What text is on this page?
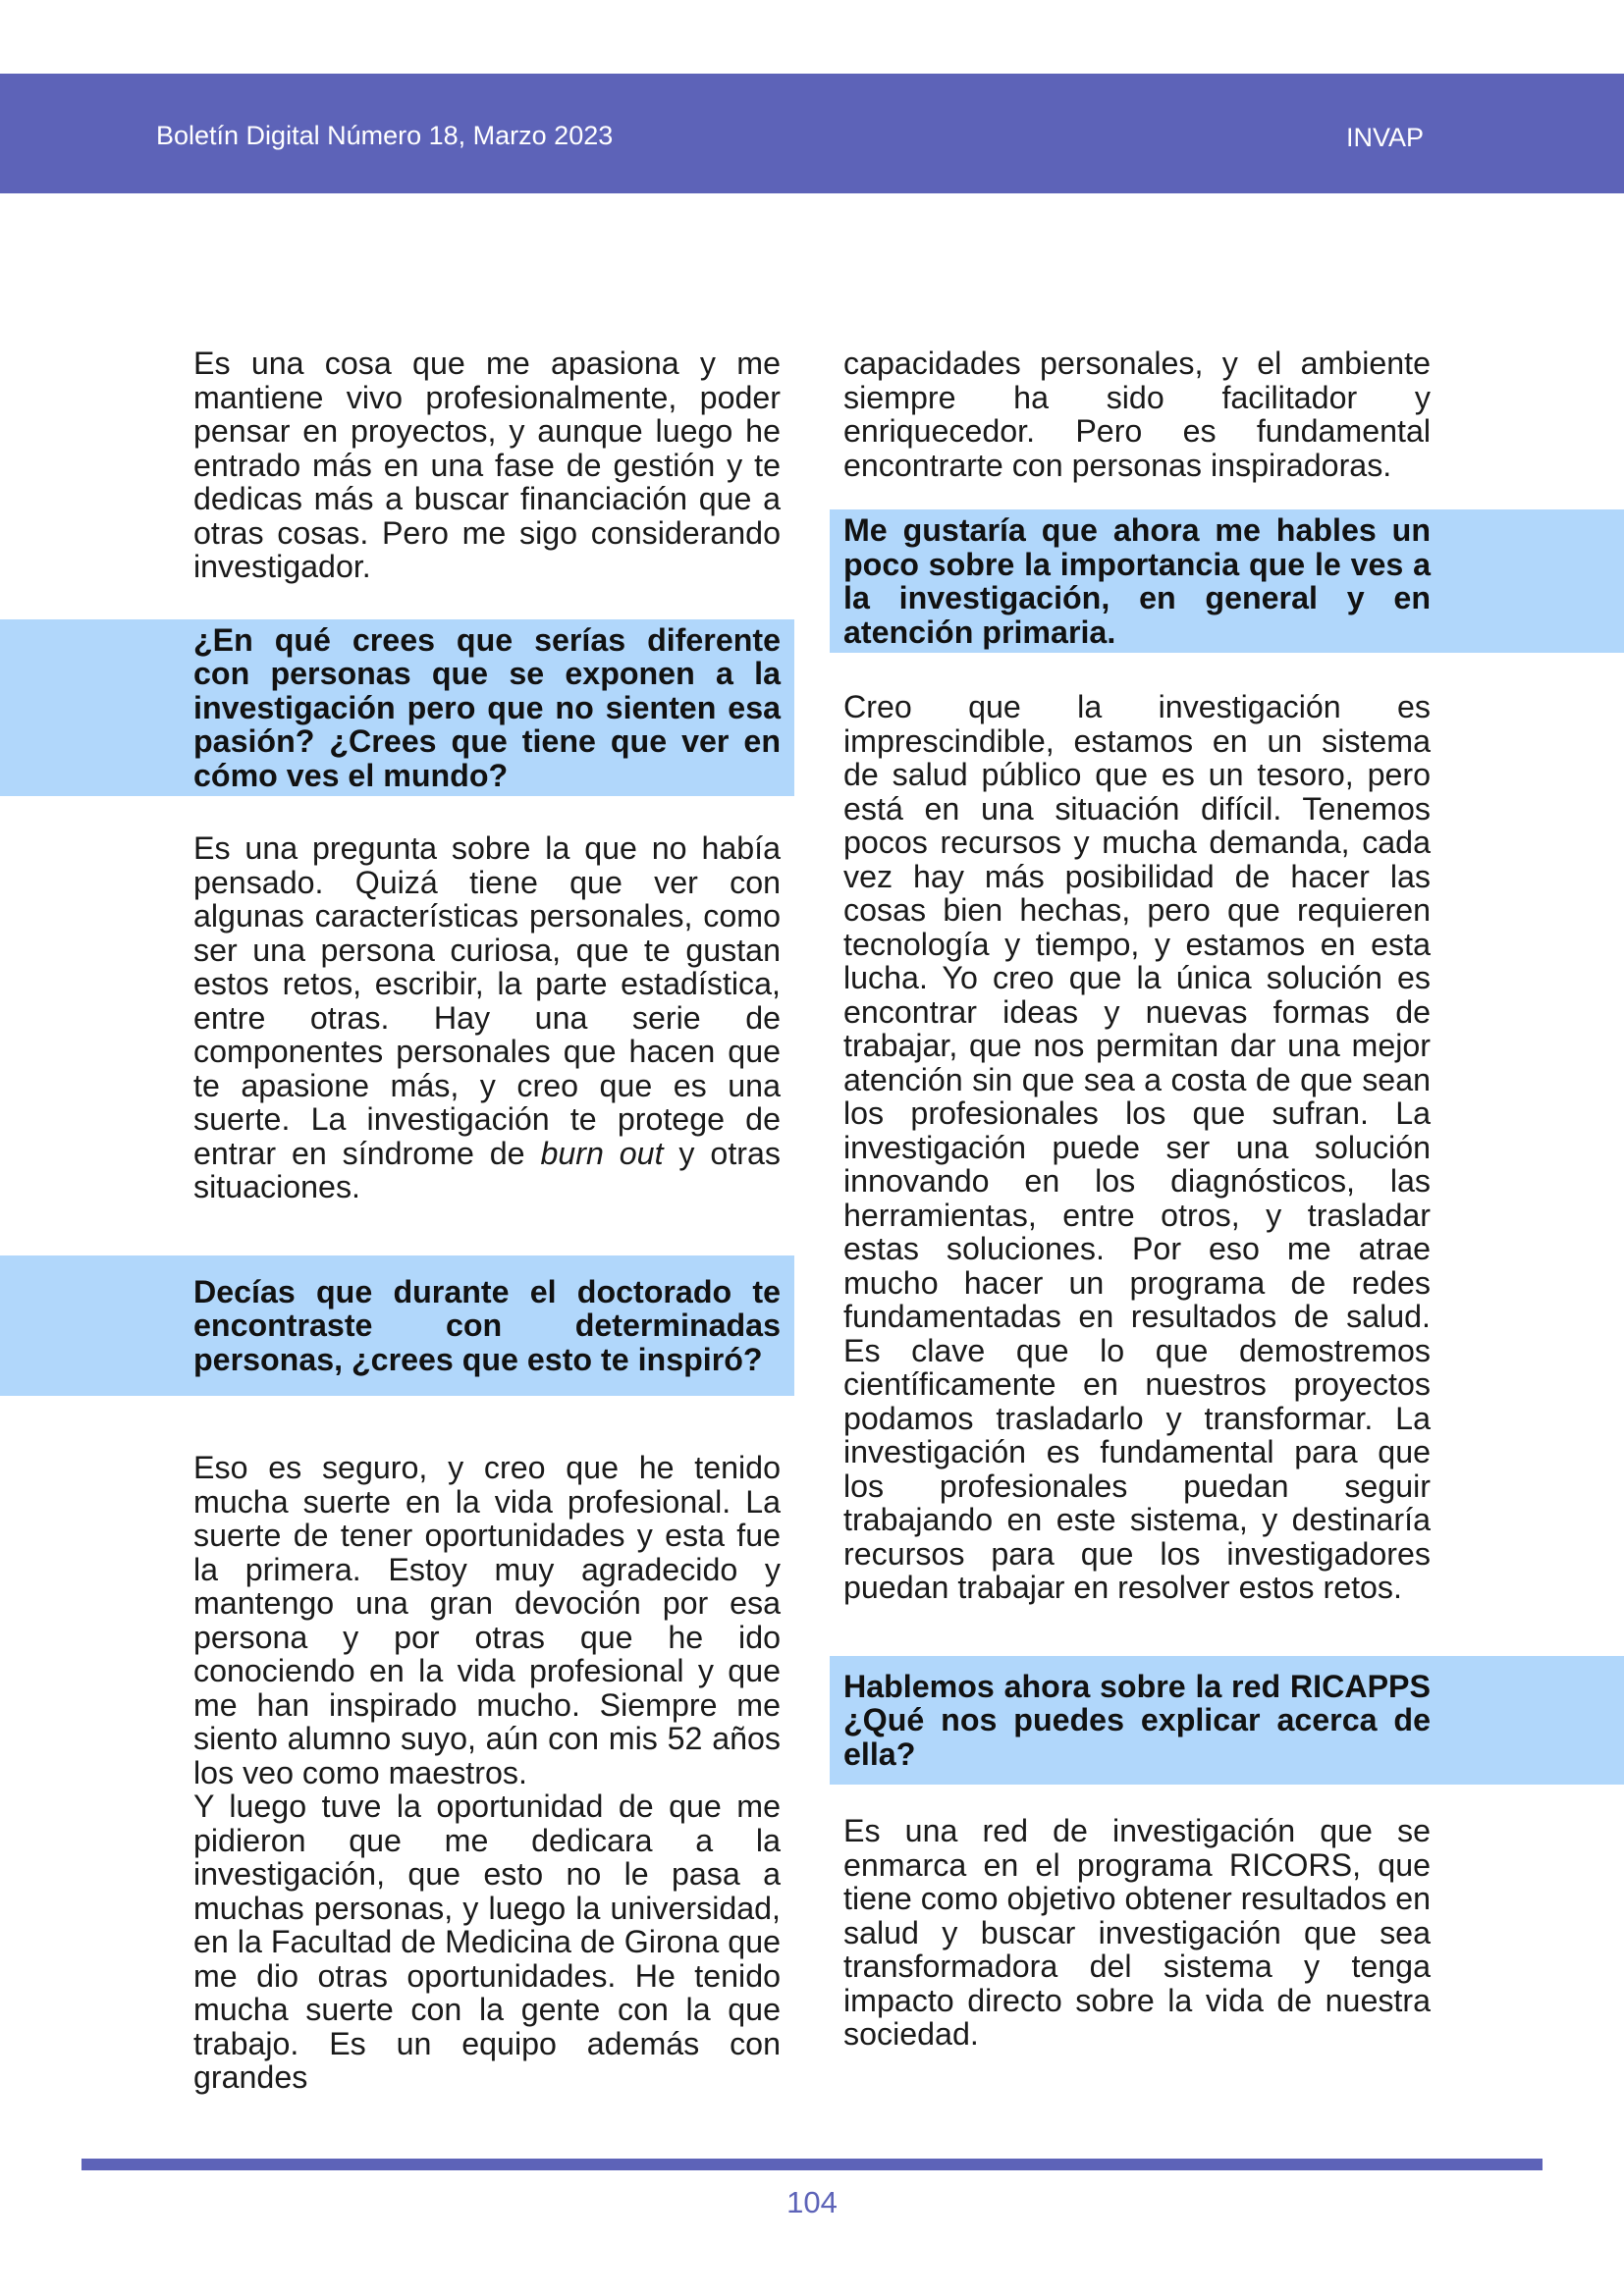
Boletín Digital Número 18, Marzo 2023	INVAP

Es una cosa que me apasiona y me mantiene vivo profesionalmente, poder pensar en proyectos, y aunque luego he entrado más en una fase de gestión y te dedicas más a buscar financiación que a otras cosas. Pero me sigo considerando investigador.

¿En qué crees que serías diferente con personas que se exponen a la investigación pero que no sienten esa pasión? ¿Crees que tiene que ver en cómo ves el mundo?

Es una pregunta sobre la que no había pensado. Quizá tiene que ver con algunas características personales, como ser una persona curiosa, que te gustan estos retos, escribir, la parte estadística, entre otras. Hay una serie de componentes personales que hacen que te apasione más, y creo que es una suerte. La investigación te protege de entrar en síndrome de burn out y otras situaciones.

Decías que durante el doctorado te encontraste con determinadas personas, ¿crees que esto te inspiró?

Eso es seguro, y creo que he tenido mucha suerte en la vida profesional. La suerte de tener oportunidades y esta fue la primera. Estoy muy agradecido y mantengo una gran devoción por esa persona y por otras que he ido conociendo en la vida profesional y que me han inspirado mucho. Siempre me siento alumno suyo, aún con mis 52 años los veo como maestros.

Y luego tuve la oportunidad de que me pidieron que me dedicara a la investigación, que esto no le pasa a muchas personas, y luego la universidad, en la Facultad de Medicina de Girona que me dio otras oportunidades. He tenido mucha suerte con la gente con la que trabajo. Es un equipo además con grandes

capacidades personales, y el ambiente siempre ha sido facilitador y enriquecedor. Pero es fundamental encontrarte con personas inspiradoras.

Me gustaría que ahora me hables un poco sobre la importancia que le ves a la investigación, en general y en atención primaria.

Creo que la investigación es imprescindible, estamos en un sistema de salud público que es un tesoro, pero está en una situación difícil. Tenemos pocos recursos y mucha demanda, cada vez hay más posibilidad de hacer las cosas bien hechas, pero que requieren tecnología y tiempo, y estamos en esta lucha. Yo creo que la única solución es encontrar ideas y nuevas formas de trabajar, que nos permitan dar una mejor atención sin que sea a costa de que sean los profesionales los que sufran. La investigación puede ser una solución innovando en los diagnósticos, las herramientas, entre otros, y trasladar estas soluciones. Por eso me atrae mucho hacer un programa de redes fundamentadas en resultados de salud. Es clave que lo que demostremos científicamente en nuestros proyectos podamos trasladarlo y transformar. La investigación es fundamental para que los profesionales puedan seguir trabajando en este sistema, y destinaría recursos para que los investigadores puedan trabajar en resolver estos retos.

Hablemos ahora sobre la red RICAPPS ¿Qué nos puedes explicar acerca de ella?

Es una red de investigación que se enmarca en el programa RICORS, que tiene como objetivo obtener resultados en salud y buscar investigación que sea transformadora del sistema y tenga impacto directo sobre la vida de nuestra sociedad.

104
